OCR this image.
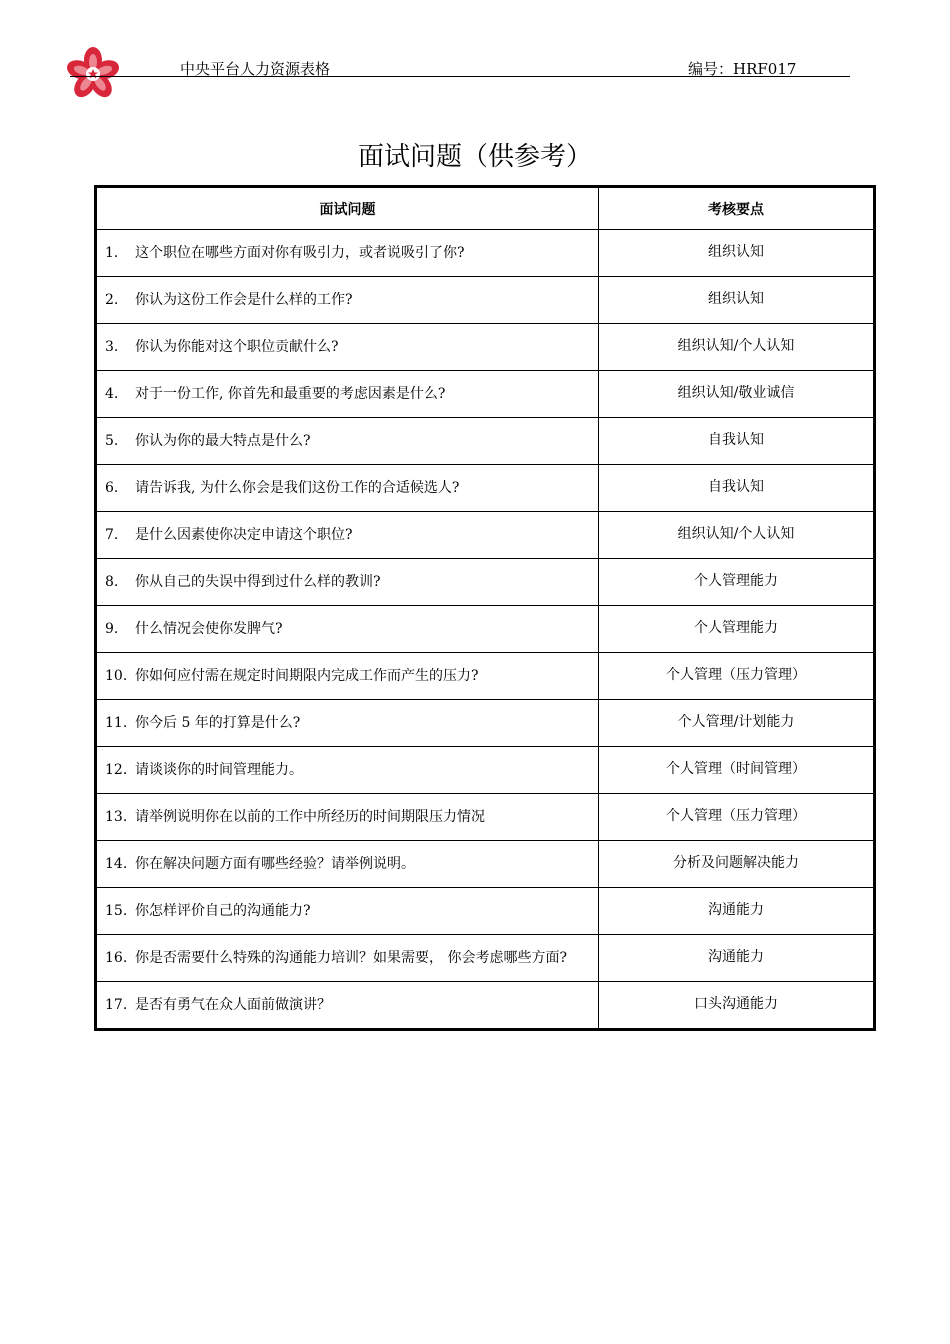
中央平台人力资源表格	编号：HRF017
面试问题（供参考）
面试问题	考核要点

1. 这个职位在哪些方面对你有吸引力，或者说吸引了你?	组织认知

2. 你认为这份工作会是什么样的工作?	组织认知

3. 你认为你能对这个职位贡献什么?	组织认知/个人认知

4. 对于一份工作, 你首先和最重要的考虑因素是什么?	组织认知/敬业诚信

5. 你认为你的最大特点是什么?	自我认知

6. 请告诉我, 为什么你会是我们这份工作的合适候选人?	自我认知

7. 是什么因素使你决定申请这个职位?	组织认知/个人认知

8. 你从自己的失误中得到过什么样的教训?	个人管理能力

9. 什么情况会使你发脾气?	个人管理能力

10. 你如何应付需在规定时间期限内完成工作而产生的压力?	个人管理（压力管理）

11. 你今后 5 年的打算是什么?	个人管理/计划能力

12. 请谈谈你的时间管理能力。	个人管理（时间管理）

13. 请举例说明你在以前的工作中所经历的时间期限压力情况	个人管理（压力管理）

14. 你在解决问题方面有哪些经验？请举例说明。	分析及问题解决能力

15. 你怎样评价自己的沟通能力?	沟通能力

16. 你是否需要什么特殊的沟通能力培训？如果需要， 你会考虑哪些方面?	沟通能力

17. 是否有勇气在众人面前做演讲？	口头沟通能力
